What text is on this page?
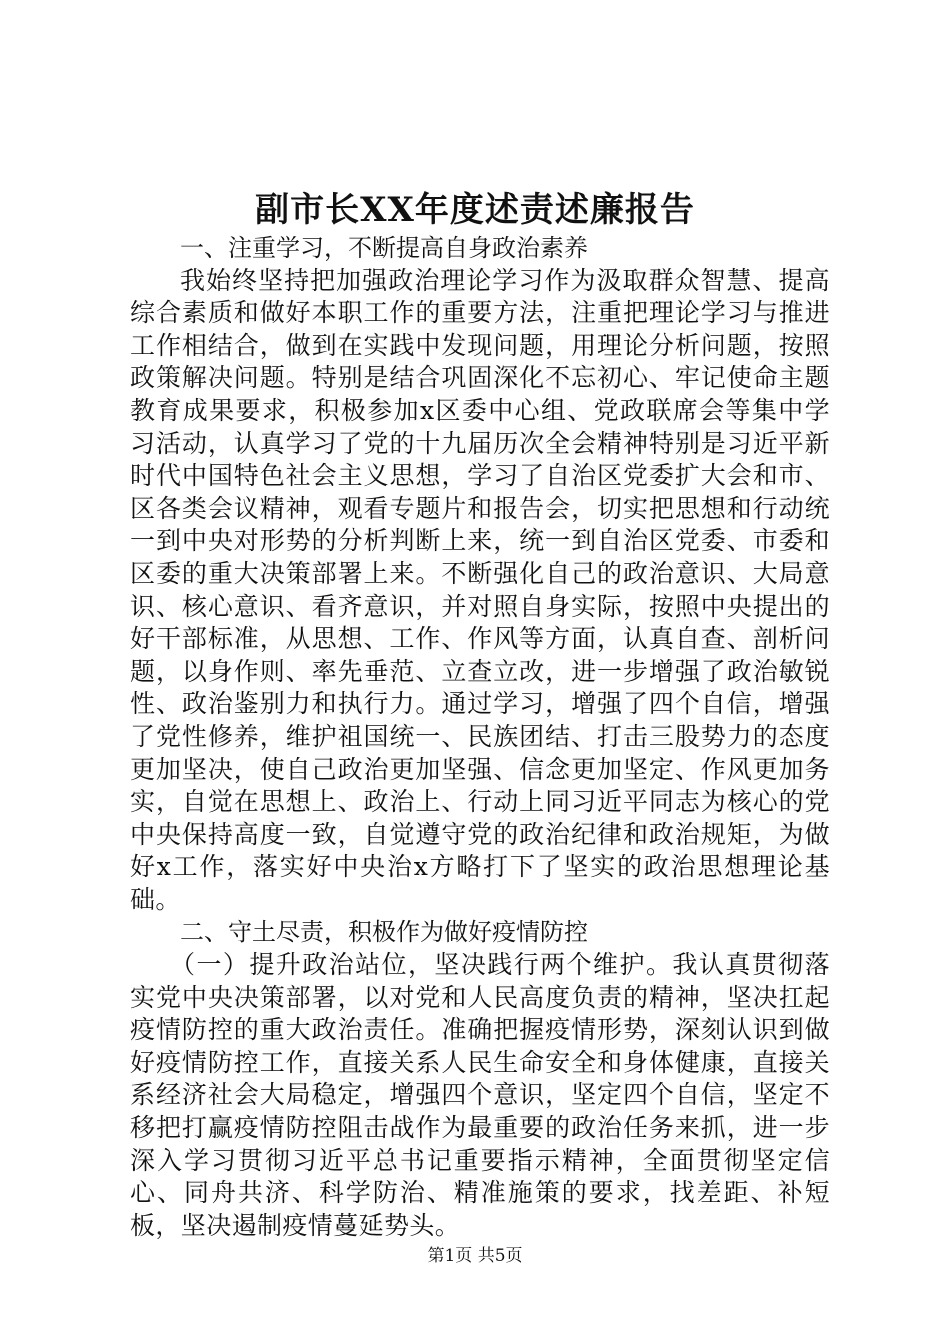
副市长XX年度述责述廉报告

一、注重学习，不断提高自身政治素养

我始终坚持把加强政治理论学习作为汲取群众智慧、提高综合素质和做好本职工作的重要方法，注重把理论学习与推进工作相结合，做到在实践中发现问题，用理论分析问题，按照政策解决问题。特别是结合巩固深化不忘初心、牢记使命主题教育成果要求，积极参加x区委中心组、党政联席会等集中学习活动，认真学习了党的十九届历次全会精神特别是习近平新时代中国特色社会主义思想，学习了自治区党委扩大会和市、区各类会议精神，观看专题片和报告会，切实把思想和行动统一到中央对形势的分析判断上来，统一到自治区党委、市委和区委的重大决策部署上来。不断强化自己的政治意识、大局意识、核心意识、看齐意识，并对照自身实际，按照中央提出的好干部标准，从思想、工作、作风等方面，认真自查、剖析问题，以身作则、率先垂范、立查立改，进一步增强了政治敏锐性、政治鉴别力和执行力。通过学习，增强了四个自信，增强了党性修养，维护祖国统一、民族团结、打击三股势力的态度更加坚决，使自己政治更加坚强、信念更加坚定、作风更加务实，自觉在思想上、政治上、行动上同习近平同志为核心的党中央保持高度一致，自觉遵守党的政治纪律和政治规矩，为做好x工作，落实好中央治x方略打下了坚实的政治思想理论基础。

二、守土尽责，积极作为做好疫情防控

（一）提升政治站位，坚决践行两个维护。我认真贯彻落实党中央决策部署，以对党和人民高度负责的精神，坚决扛起疫情防控的重大政治责任。准确把握疫情形势，深刻认识到做好疫情防控工作，直接关系人民生命安全和身体健康，直接关系经济社会大局稳定，增强四个意识，坚定四个自信，坚定不移把打赢疫情防控阻击战作为最重要的政治任务来抓，进一步深入学习贯彻习近平总书记重要指示精神，全面贯彻坚定信心、同舟共济、科学防治、精准施策的要求，找差距、补短板，坚决遏制疫情蔓延势头。

第1页 共5页
